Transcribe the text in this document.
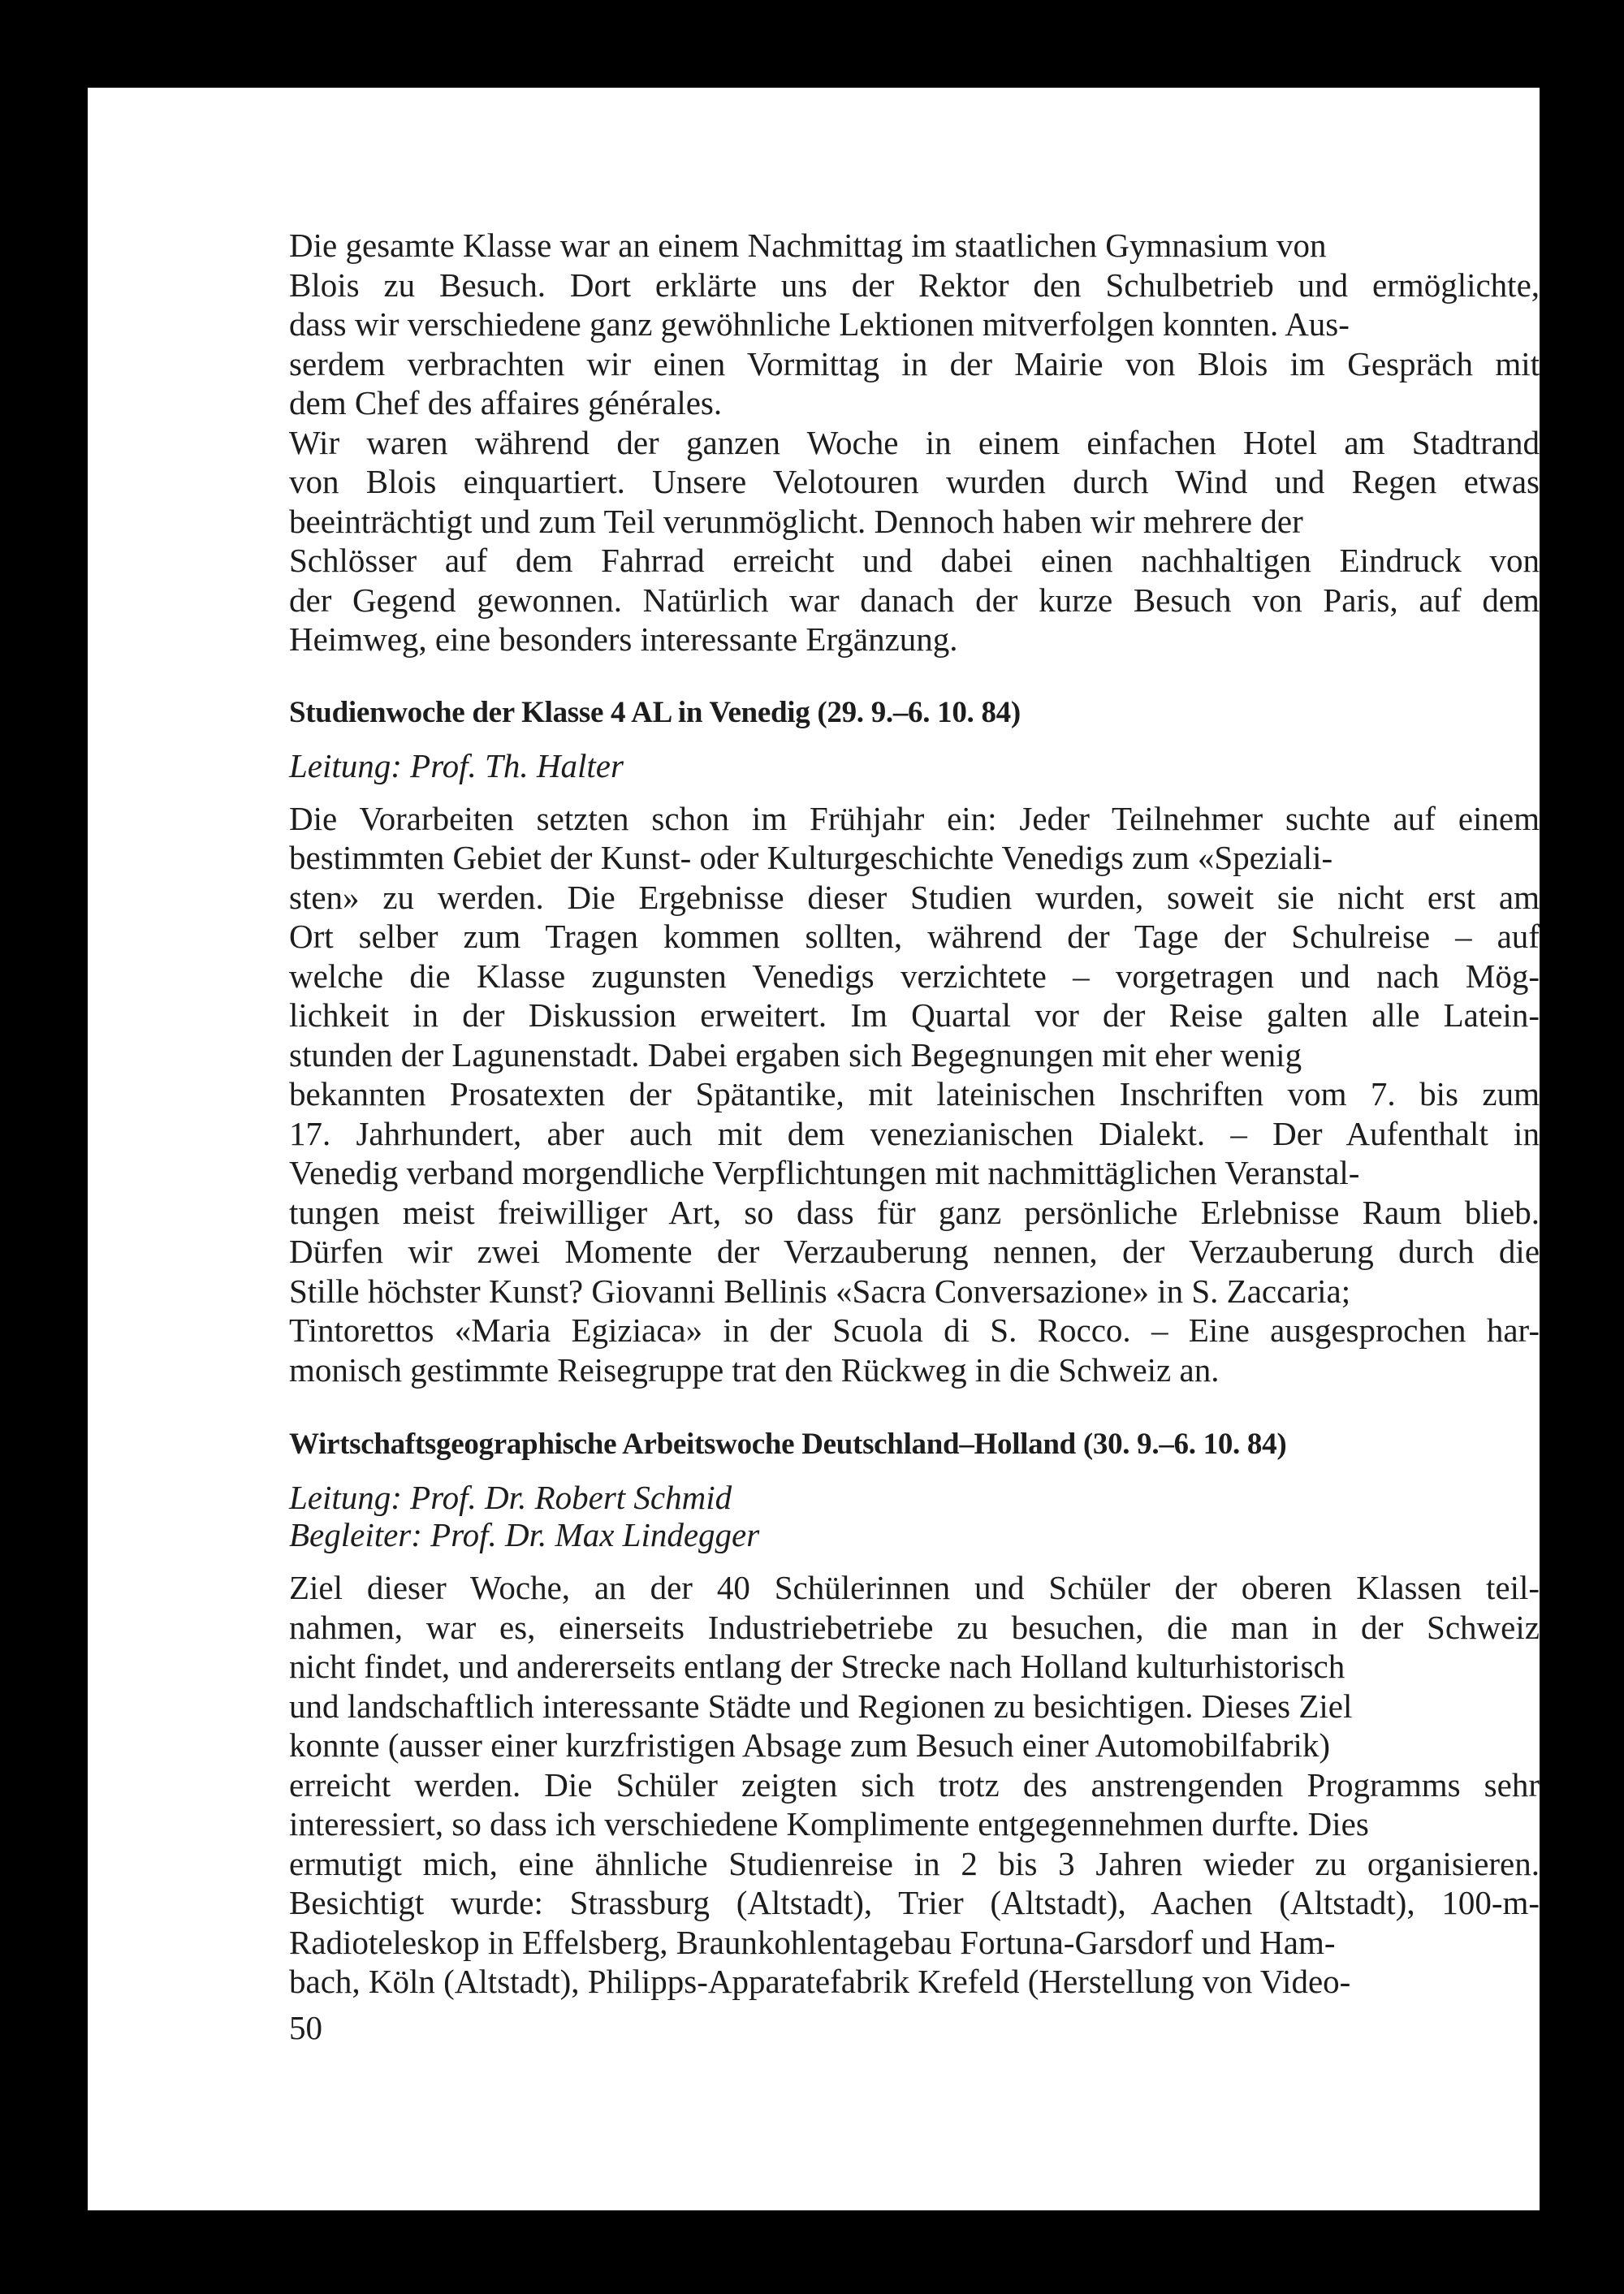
Die gesamte Klasse war an einem Nachmittag im staatlichen Gymnasium von
Blois zu Besuch. Dort erklärte uns der Rektor den Schulbetrieb und ermöglichte,
dass wir verschiedene ganz gewöhnliche Lektionen mitverfolgen konnten. Aus-
serdem verbrachten wir einen Vormittag in der Mairie von Blois im Gespräch mit
dem Chef des affaires générales.

Wir waren während der ganzen Woche in einem einfachen Hotel am Stadtrand
von Blois einquartiert. Unsere Velotouren wurden durch Wind und Regen etwas
beeinträchtigt und zum Teil verunmöglicht. Dennoch haben wir mehrere der
Schlösser auf dem Fahrrad erreicht und dabei einen nachhaltigen Eindruck von
der Gegend gewonnen. Natürlich war danach der kurze Besuch von Paris, auf dem
Heimweg, eine besonders interessante Ergänzung.

Studienwoche der Klasse 4 AL in Venedig (29. 9.–6. 10. 84)

Leitung: Prof. Th. Halter

Die Vorarbeiten setzten schon im Frühjahr ein: Jeder Teilnehmer suchte auf einem
bestimmten Gebiet der Kunst- oder Kulturgeschichte Venedigs zum «Speziali-
sten» zu werden. Die Ergebnisse dieser Studien wurden, soweit sie nicht erst am
Ort selber zum Tragen kommen sollten, während der Tage der Schulreise – auf
welche die Klasse zugunsten Venedigs verzichtete – vorgetragen und nach Mög-
lichkeit in der Diskussion erweitert. Im Quartal vor der Reise galten alle Latein-
stunden der Lagunenstadt. Dabei ergaben sich Begegnungen mit eher wenig
bekannten Prosatexten der Spätantike, mit lateinischen Inschriften vom 7. bis zum
17. Jahrhundert, aber auch mit dem venezianischen Dialekt. – Der Aufenthalt in
Venedig verband morgendliche Verpflichtungen mit nachmittäglichen Veranstal-
tungen meist freiwilliger Art, so dass für ganz persönliche Erlebnisse Raum blieb.
Dürfen wir zwei Momente der Verzauberung nennen, der Verzauberung durch die
Stille höchster Kunst? Giovanni Bellinis «Sacra Conversazione» in S. Zaccaria;
Tintorettos «Maria Egiziaca» in der Scuola di S. Rocco. – Eine ausgesprochen har-
monisch gestimmte Reisegruppe trat den Rückweg in die Schweiz an.

Wirtschaftsgeographische Arbeitswoche Deutschland–Holland (30. 9.–6. 10. 84)

Leitung: Prof. Dr. Robert Schmid
Begleiter: Prof. Dr. Max Lindegger

Ziel dieser Woche, an der 40 Schülerinnen und Schüler der oberen Klassen teil-
nahmen, war es, einerseits Industriebetriebe zu besuchen, die man in der Schweiz
nicht findet, und andererseits entlang der Strecke nach Holland kulturhistorisch
und landschaftlich interessante Städte und Regionen zu besichtigen. Dieses Ziel
konnte (ausser einer kurzfristigen Absage zum Besuch einer Automobilfabrik)
erreicht werden. Die Schüler zeigten sich trotz des anstrengenden Programms sehr
interessiert, so dass ich verschiedene Komplimente entgegennehmen durfte. Dies
ermutigt mich, eine ähnliche Studienreise in 2 bis 3 Jahren wieder zu organisieren.
Besichtigt wurde: Strassburg (Altstadt), Trier (Altstadt), Aachen (Altstadt), 100-m-
Radioteleskop in Effelsberg, Braunkohlentagebau Fortuna-Garsdorf und Ham-
bach, Köln (Altstadt), Philipps-Apparatefabrik Krefeld (Herstellung von Video-

50
